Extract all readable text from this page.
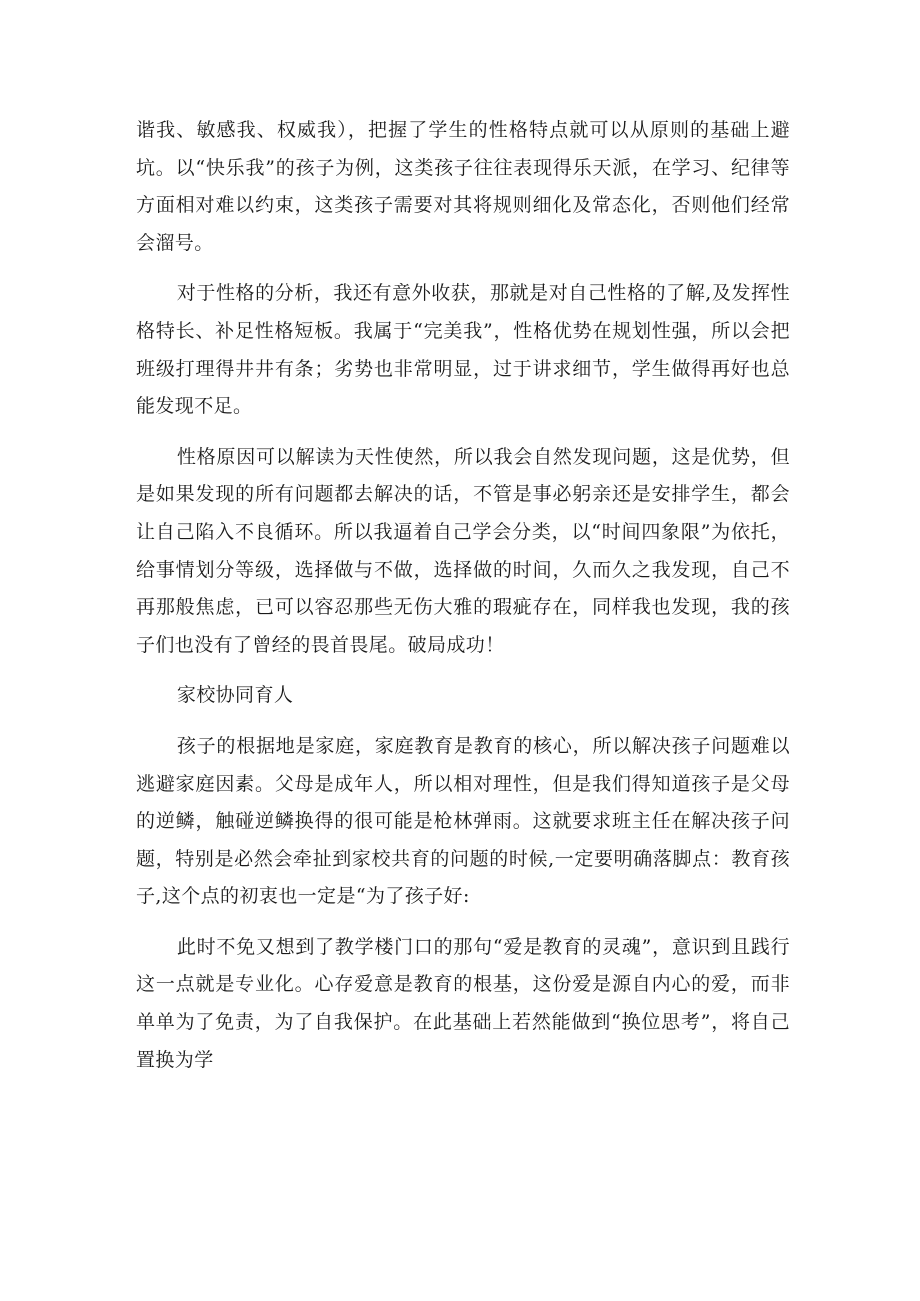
谐我、敏感我、权威我），把握了学生的性格特点就可以从原则的基础上避坑。以“快乐我”的孩子为例，这类孩子往往表现得乐天派，在学习、纪律等方面相对难以约束，这类孩子需要对其将规则细化及常态化，否则他们经常会溜号。

对于性格的分析，我还有意外收获，那就是对自己性格的了解,及发挥性格特长、补足性格短板。我属于“完美我”，性格优势在规划性强，所以会把班级打理得井井有条；劣势也非常明显，过于讲求细节，学生做得再好也总能发现不足。

性格原因可以解读为天性使然，所以我会自然发现问题，这是优势，但是如果发现的所有问题都去解决的话，不管是事必躬亲还是安排学生，都会让自己陷入不良循环。所以我逼着自己学会分类，以“时间四象限”为依托，给事情划分等级，选择做与不做，选择做的时间，久而久之我发现，自己不再那般焦虑，已可以容忍那些无伤大雅的瑕疵存在，同样我也发现，我的孩子们也没有了曾经的畏首畏尾。破局成功！

家校协同育人

孩子的根据地是家庭，家庭教育是教育的核心，所以解决孩子问题难以逃避家庭因素。父母是成年人，所以相对理性，但是我们得知道孩子是父母的逆鳞，触碰逆鳞换得的很可能是枪林弹雨。这就要求班主任在解决孩子问题，特别是必然会牵扯到家校共育的问题的时候,一定要明确落脚点：教育孩子,这个点的初衷也一定是“为了孩子好:

此时不免又想到了教学楼门口的那句“爱是教育的灵魂”，意识到且践行这一点就是专业化。心存爱意是教育的根基，这份爱是源自内心的爱，而非单单为了免责，为了自我保护。在此基础上若然能做到“换位思考”，将自己置换为学
